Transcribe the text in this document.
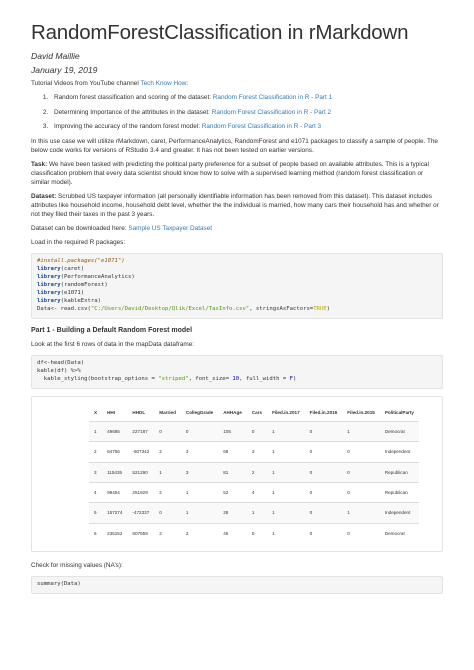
RandomForestClassification in rMarkdown
David Maillie
January 19, 2019

Tutorial Videos from YouTube channel Tech Know How:

1. Random forest classification and scoring of the dataset: Random Forest Classification in R - Part 1
2. Determining Importance of the attributes in the dataset: Random Forest Classification in R - Part 2
3. Improving the accuracy of the random forest model: Random Forest Classification in R - Part 3

In this use case we will utilize rMarkdown, caret, PerformanceAnalytics, RandomForest and e1071 packages to classify a sample of people. The below code works for versions of RStudio 3.4 and greater. It has not been tested on earlier versions.

Task: We have been tasked with predicting the political party preference for a subset of people based on available attributes. This is a typical classification problem that every data scientist should know how to solve with a supervised learning method (random forest classification or similar model).

Dataset: Scrubbed US taxpayer information (all personally identifiable information has been removed from this dataset). This dataset includes attributes like household income, household debt level, whether the the individual is married, how many cars their household has and whether or not they filed their taxes in the past 3 years.

Dataset can be downloaded here: Sample US Taxpayer Dataset

Load in the required R packages:

#install.packages("e1071")
library(caret)
library(PerformanceAnalytics)
library(randomForest)
library(e1071)
library(kableExtra)
Data<- read.csv("C:/Users/David/Desktop/Qlik/Excel/TaxInfo.csv", stringsAsFactors=TRUE)
Part 1 - Building a Default Random Forest model

Look at the first 6 rows of data in the mapData dataframe:

df<-head(Data)
kable(df) %>%
kable_styling(bootstrap_options = "striped", font_size= 10, full_width = F)
X	HHI	HHDL	Married	CollegGrade	AHHAge	Cars	Filed.in.2017	Filed.in.2016	Filed.in.2015	PoliticalParty
1	49685	227187	0	0	105	0	1	0	1	Democrat
2	64756	-507342	2	3	68	3	1	0	0	Independent
3	115435	521290	1	3	81	2	1	0	0	Republican
4	99454	251829	2	1	52	4	1	0	0	Republican
5	157274	-472337	0	1	28	1	1	0	1	Independent
6	235152	807659	2	2	45	0	1	0	0	Democrat

Check for missing values (NA’s):

summary(Data)
